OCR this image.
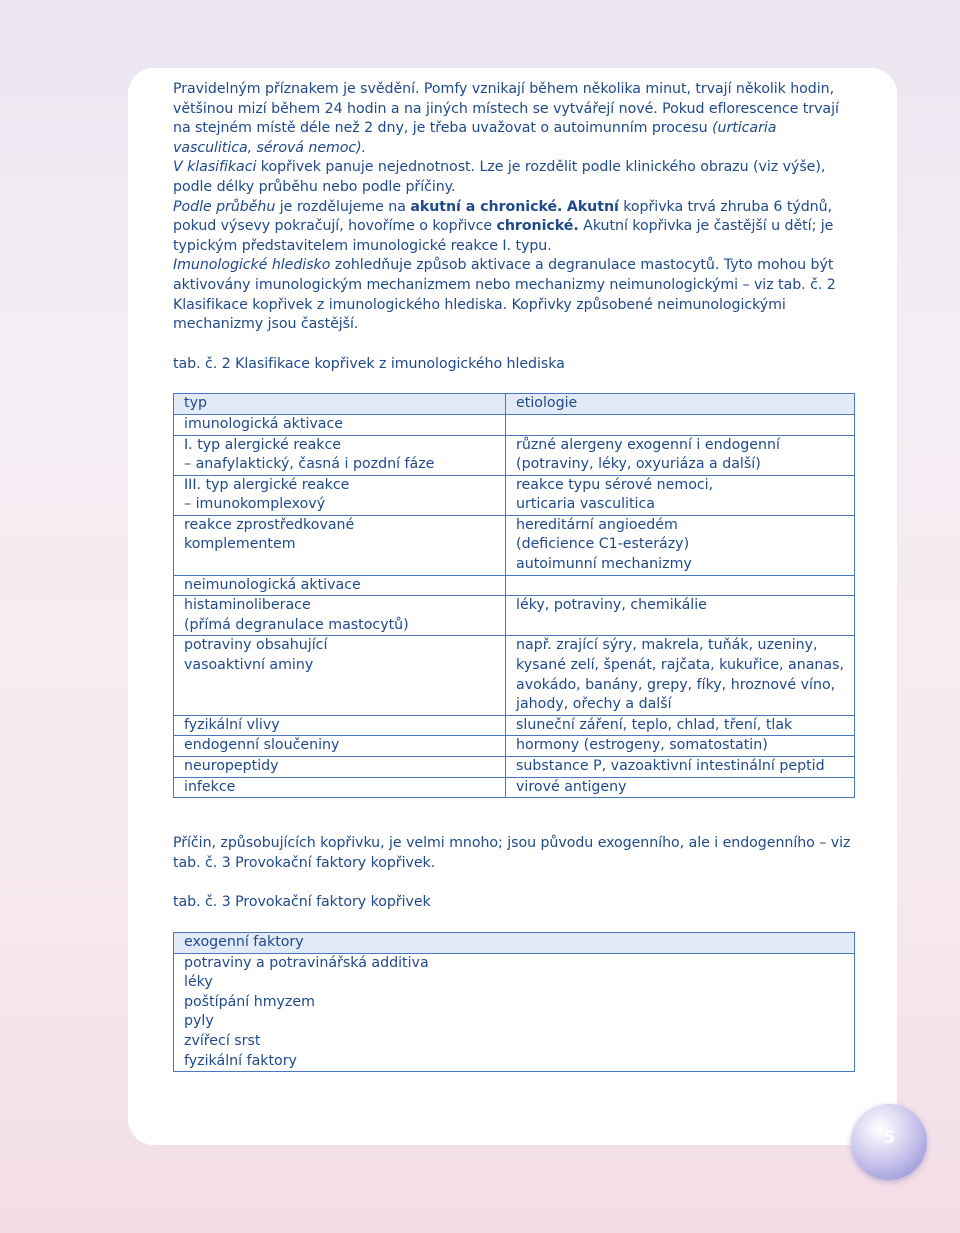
Pravidelným příznakem je svědění. Pomfy vznikají během několika minut, trvají několik hodin, většinou mizí během 24 hodin a na jiných místech se vytvářejí nové. Pokud eflorescence trvají na stejném místě déle než 2 dny, je třeba uvažovat o autoimunním procesu (urticaria vasculitica, sérová nemoc).

V klasifikaci kopřivek panuje nejednotnost. Lze je rozdělit podle klinického obrazu (viz výše), podle délky průběhu nebo podle příčiny.

Podle průběhu je rozdělujeme na akutní a chronické. Akutní kopřivka trvá zhruba 6 týdnů, pokud výsevy pokračují, hovoříme o kopřivce chronické. Akutní kopřivka je častější u dětí; je typickým představitelem imunologické reakce I. typu.

Imunologické hledisko zohledňuje způsob aktivace a degranulace mastocytů. Tyto mohou být aktivovány imunologickým mechanizmem nebo mechanizmy neimunologickými – viz tab. č. 2 Klasifikace kopřivek z imunologického hlediska. Kopřivky způsobené neimunologickými mechanizmy jsou častější.

tab. č. 2 Klasifikace kopřivek z imunologického hlediska

typ	etiologie

imunologická aktivace	

I. typ alergické reakce
– anafylaktický, časná i pozdní fáze	různé alergeny exogenní i endogenní
(potraviny, léky, oxyuriáza a další)

III. typ alergické reakce
– imunokomplexový	reakce typu sérové nemoci,
urticaria vasculitica

reakce zprostředkované
komplementem	hereditární angioedém
(deficience C1-esterázy)
autoimunní mechanizmy

neimunologická aktivace	

histaminoliberace
(přímá degranulace mastocytů)	léky, potraviny, chemikálie

potraviny obsahující
vasoaktivní aminy	např. zrající sýry, makrela, tuňák, uzeniny,
kysané zelí, špenát, rajčata, kukuřice, ananas,
avokádo, banány, grepy, fíky, hroznové víno,
jahody, ořechy a další

fyzikální vlivy	sluneční záření, teplo, chlad, tření, tlak

endogenní sloučeniny	hormony (estrogeny, somatostatin)

neuropeptidy	substance P, vazoaktivní intestinální peptid

infekce	virové antigeny

Příčin, způsobujících kopřivku, je velmi mnoho; jsou původu exogenního, ale i endogenního – viz tab. č. 3 Provokační faktory kopřivek.

tab. č. 3 Provokační faktory kopřivek

exogenní faktory

potraviny a potravinářská additiva
léky
poštípání hmyzem
pyly
zvířecí srst
fyzikální faktory
5
